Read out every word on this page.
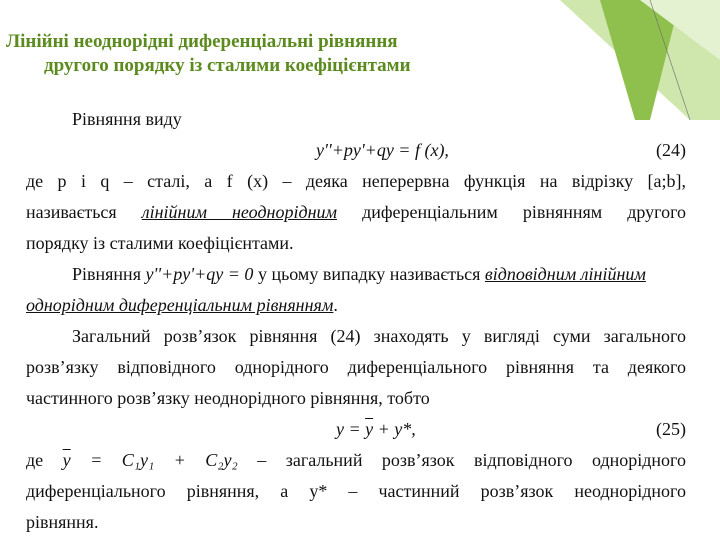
Лінійні неоднорідні диференціальні рівняння
другого порядку із сталими коефіцієнтами
Рівняння виду
y''+py'+qy = f (x),	(24)
де p і q – сталі, а f (x) – деяка неперервна функція на відрізку [a;b],
називається лінійним неоднорідним диференціальним рівнянням другого
порядку із сталими коефіцієнтами.
Рівняння y''+py'+qy = 0 у цьому випадку називається відповідним лінійним
однорідним диференціальним рівнянням.
Загальний розв’язок рівняння (24) знаходять у вигляді суми загального
розв’язку відповідного однорідного диференціального рівняння та деякого
частинного розв’язку неоднорідного рівняння, тобто
$y = \overline{y} + y*$,	(25)
де $\overline{y} = C_1y_1 + C_2y_2$ – загальний розв’язок відповідного однорідного
диференціального рівняння, а y* – частинний розв’язок неоднорідного
рівняння.
